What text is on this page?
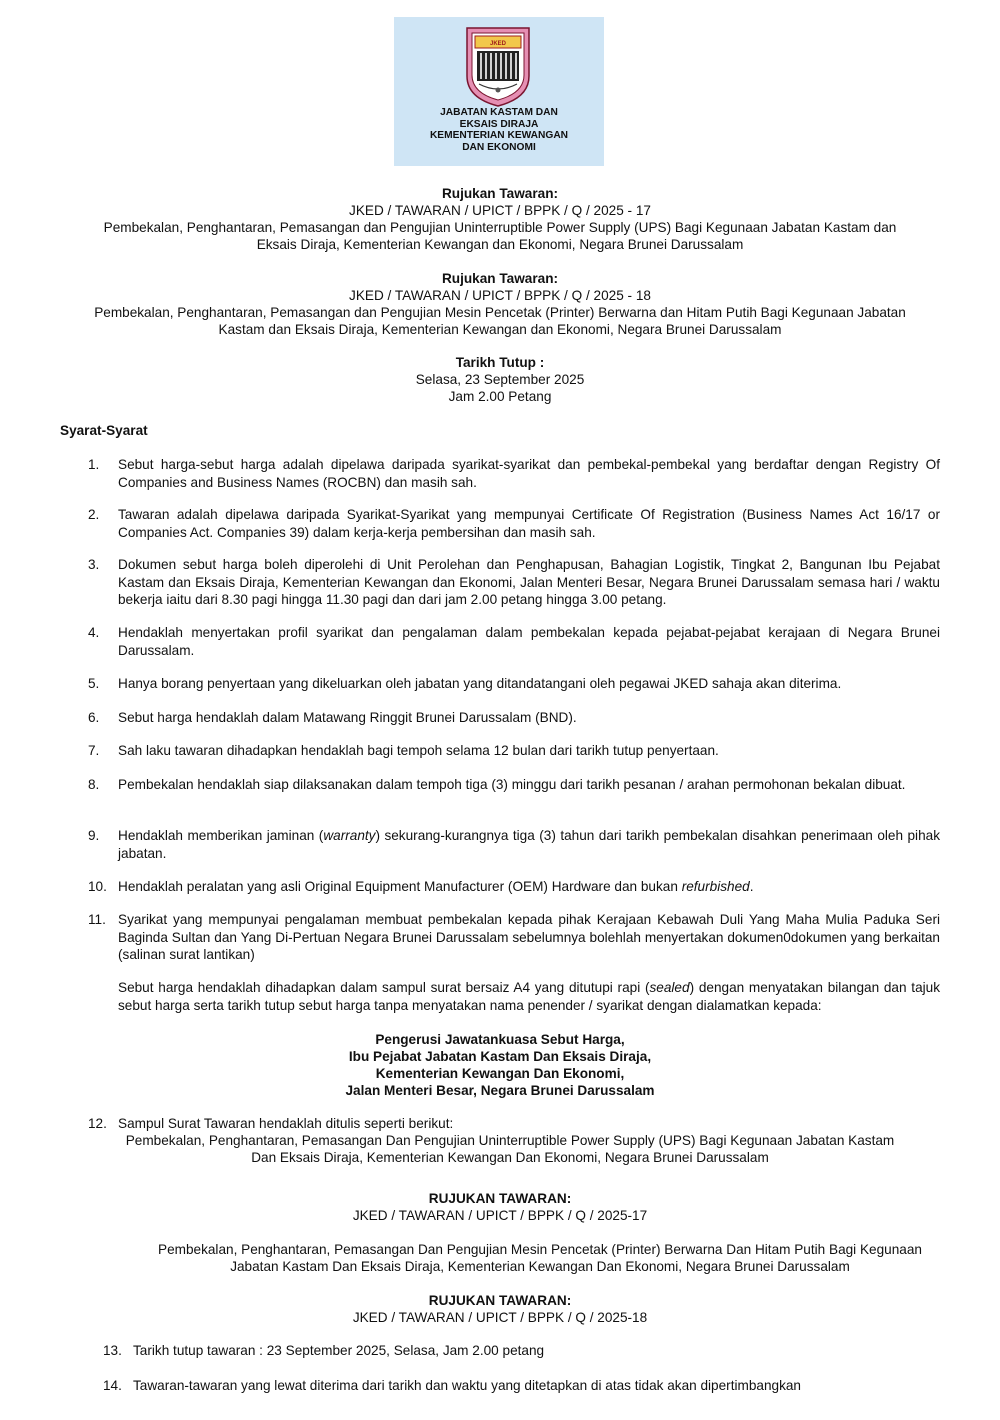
JKED
JABATAN KASTAM DAN
EKSAIS DIRAJA
KEMENTERIAN KEWANGAN
DAN EKONOMI
Rujukan Tawaran:
JKED / TAWARAN / UPICT / BPPK / Q / 2025 - 17
Pembekalan, Penghantaran, Pemasangan dan Pengujian Uninterruptible Power Supply (UPS) Bagi Kegunaan Jabatan Kastam dan
Eksais Diraja, Kementerian Kewangan dan Ekonomi, Negara Brunei Darussalam
Rujukan Tawaran:
JKED / TAWARAN / UPICT / BPPK / Q / 2025 - 18
Pembekalan, Penghantaran, Pemasangan dan Pengujian Mesin Pencetak (Printer) Berwarna dan Hitam Putih Bagi Kegunaan Jabatan
Kastam dan Eksais Diraja, Kementerian Kewangan dan Ekonomi, Negara Brunei Darussalam
Tarikh Tutup :
Selasa, 23 September 2025
Jam 2.00 Petang
Syarat-Syarat
1.	Sebut harga-sebut harga adalah dipelawa daripada syarikat-syarikat dan pembekal-pembekal yang berdaftar dengan Registry Of Companies and Business Names (ROCBN) dan masih sah.
2.	Tawaran adalah dipelawa daripada Syarikat-Syarikat yang mempunyai Certificate Of Registration (Business Names Act 16/17 or Companies Act. Companies 39) dalam kerja-kerja pembersihan dan masih sah.
3.	Dokumen sebut harga boleh diperolehi di Unit Perolehan dan Penghapusan, Bahagian Logistik, Tingkat 2, Bangunan Ibu Pejabat Kastam dan Eksais Diraja, Kementerian Kewangan dan Ekonomi, Jalan Menteri Besar, Negara Brunei Darussalam semasa hari / waktu bekerja iaitu dari 8.30 pagi hingga 11.30 pagi dan dari jam 2.00 petang hingga 3.00 petang.
4.	Hendaklah menyertakan profil syarikat dan pengalaman dalam pembekalan kepada pejabat-pejabat kerajaan di Negara Brunei Darussalam.
5.	Hanya borang penyertaan yang dikeluarkan oleh jabatan yang ditandatangani oleh pegawai JKED sahaja akan diterima.
6.	Sebut harga hendaklah dalam Matawang Ringgit Brunei Darussalam (BND).
7.	Sah laku tawaran dihadapkan hendaklah bagi tempoh selama 12 bulan dari tarikh tutup penyertaan.
8.	Pembekalan hendaklah siap dilaksanakan dalam tempoh tiga (3) minggu dari tarikh pesanan / arahan permohonan bekalan dibuat.
9.	Hendaklah memberikan jaminan (warranty) sekurang-kurangnya tiga (3) tahun dari tarikh pembekalan disahkan penerimaan oleh pihak jabatan.
10. Hendaklah peralatan yang asli Original Equipment Manufacturer (OEM) Hardware dan bukan refurbished.
11. Syarikat yang mempunyai pengalaman membuat pembekalan kepada pihak Kerajaan Kebawah Duli Yang Maha Mulia Paduka Seri Baginda Sultan dan Yang Di-Pertuan Negara Brunei Darussalam sebelumnya bolehlah menyertakan dokumen0dokumen yang berkaitan (salinan surat lantikan)
Sebut harga hendaklah dihadapkan dalam sampul surat bersaiz A4 yang ditutupi rapi (sealed) dengan menyatakan bilangan dan tajuk sebut harga serta tarikh tutup sebut harga tanpa menyatakan nama penender / syarikat dengan dialamatkan kepada:
Pengerusi Jawatankuasa Sebut Harga,
Ibu Pejabat Jabatan Kastam Dan Eksais Diraja,
Kementerian Kewangan Dan Ekonomi,
Jalan Menteri Besar, Negara Brunei Darussalam
12. Sampul Surat Tawaran hendaklah ditulis seperti berikut:
Pembekalan, Penghantaran, Pemasangan Dan Pengujian Uninterruptible Power Supply (UPS) Bagi Kegunaan Jabatan Kastam
Dan Eksais Diraja, Kementerian Kewangan Dan Ekonomi, Negara Brunei Darussalam
RUJUKAN TAWARAN:
JKED / TAWARAN / UPICT / BPPK / Q / 2025-17
Pembekalan, Penghantaran, Pemasangan Dan Pengujian Mesin Pencetak (Printer) Berwarna Dan Hitam Putih Bagi Kegunaan
Jabatan Kastam Dan Eksais Diraja, Kementerian Kewangan Dan Ekonomi, Negara Brunei Darussalam
RUJUKAN TAWARAN:
JKED / TAWARAN / UPICT / BPPK / Q / 2025-18
13. Tarikh tutup tawaran : 23 September 2025, Selasa, Jam 2.00 petang
14. Tawaran-tawaran yang lewat diterima dari tarikh dan waktu yang ditetapkan di atas tidak akan dipertimbangkan
